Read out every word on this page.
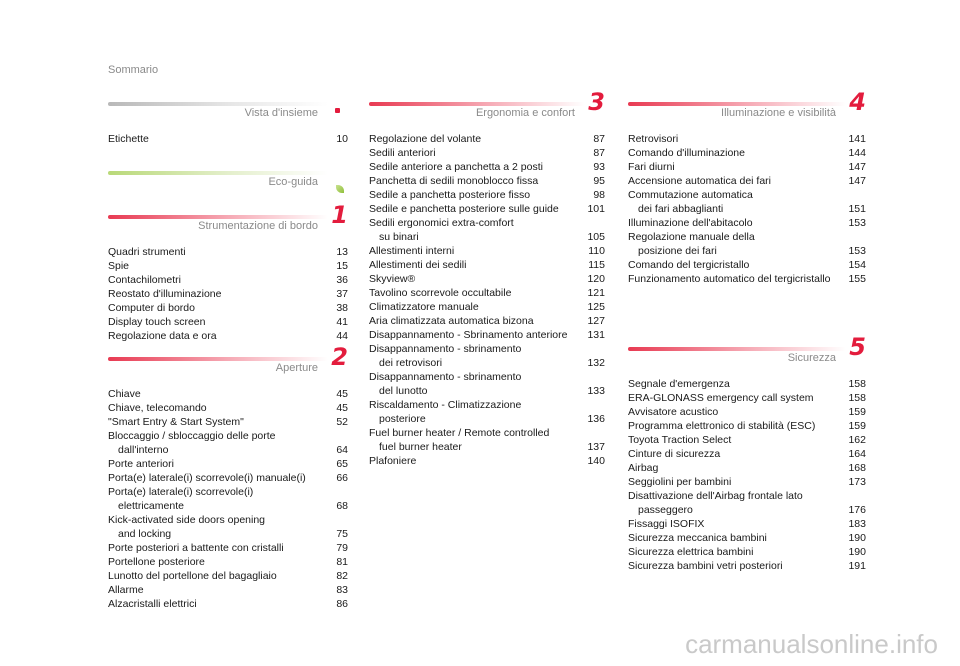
Sommario
Vista d'insieme
Etichette	10
Eco-guida
Strumentazione di bordo 1
Quadri strumenti	13
Spie	15
Contachilometri	36
Reostato d'illuminazione	37
Computer di bordo	38
Display touch screen	41
Regolazione data e ora	44
Aperture 2
Chiave	45
Chiave, telecomando	45
"Smart Entry & Start System"	52
Bloccaggio / sbloccaggio delle porte
dall'interno	64
Porte anteriori	65
Porta(e) laterale(i) scorrevole(i) manuale(i)	66
Porta(e) laterale(i) scorrevole(i)
elettricamente	68
Kick-activated side doors opening
and locking	75
Porte posteriori a battente con cristalli	79
Portellone posteriore	81
Lunotto del portellone del bagagliaio	82
Allarme	83
Alzacristalli elettrici	86
Ergonomia e confort 3
Regolazione del volante	87
Sedili anteriori	87
Sedile anteriore a panchetta a 2 posti	93
Panchetta di sedili monoblocco fissa	95
Sedile a panchetta posteriore fisso	98
Sedile e panchetta posteriore sulle guide	101
Sedili ergonomici extra-comfort
su binari	105
Allestimenti interni	110
Allestimenti dei sedili	115
Skyview®	120
Tavolino scorrevole occultabile	121
Climatizzatore manuale	125
Aria climatizzata automatica bizona	127
Disappannamento - Sbrinamento anteriore	131
Disappannamento - sbrinamento
dei retrovisori	132
Disappannamento - sbrinamento
del lunotto	133
Riscaldamento - Climatizzazione
posteriore	136
Fuel burner heater / Remote controlled
fuel burner heater	137
Plafoniere	140
Illuminazione e visibilità 4
Retrovisori	141
Comando d'illuminazione	144
Fari diurni	147
Accensione automatica dei fari	147
Commutazione automatica
dei fari abbaglianti	151
Illuminazione dell'abitacolo	153
Regolazione manuale della
posizione dei fari	153
Comando del tergicristallo	154
Funzionamento automatico del tergicristallo	155
Sicurezza 5
Segnale d'emergenza	158
ERA-GLONASS emergency call system	158
Avvisatore acustico	159
Programma elettronico di stabilità (ESC)	159
Toyota Traction Select	162
Cinture di sicurezza	164
Airbag	168
Seggiolini per bambini	173
Disattivazione dell'Airbag frontale lato
passeggero	176
Fissaggi ISOFIX	183
Sicurezza meccanica bambini	190
Sicurezza elettrica bambini	190
Sicurezza bambini vetri posteriori	191
carmanualsonline.info
